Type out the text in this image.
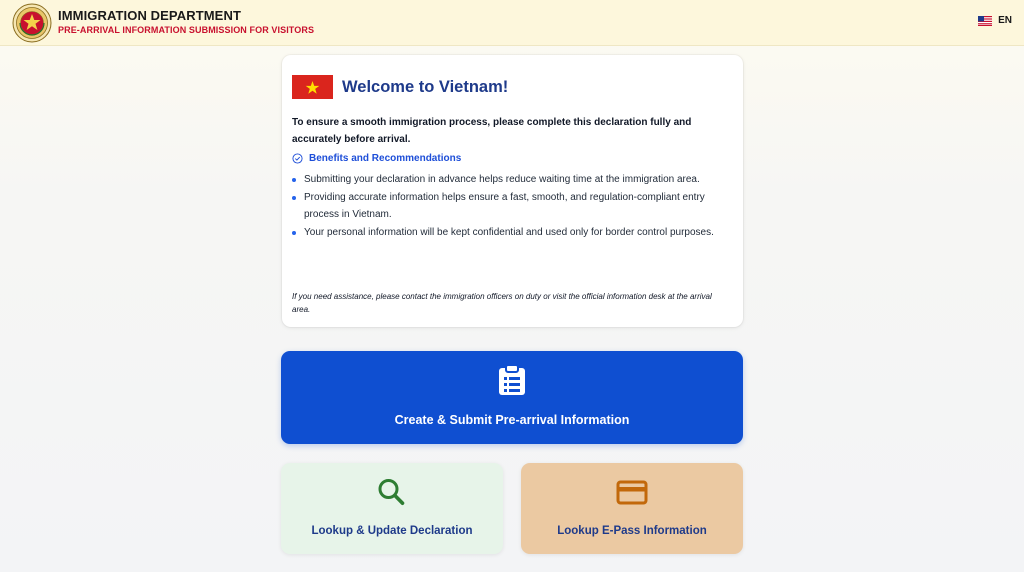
IMMIGRATION DEPARTMENT
PRE-ARRIVAL INFORMATION SUBMISSION FOR VISITORS
EN
Welcome to Vietnam!
To ensure a smooth immigration process, please complete this declaration fully and accurately before arrival.
Benefits and Recommendations
Submitting your declaration in advance helps reduce waiting time at the immigration area.
Providing accurate information helps ensure a fast, smooth, and regulation-compliant entry process in Vietnam.
Your personal information will be kept confidential and used only for border control purposes.
If you need assistance, please contact the immigration officers on duty or visit the official information desk at the arrival area.
Create & Submit Pre-arrival Information
Lookup & Update Declaration	Lookup E-Pass Information
